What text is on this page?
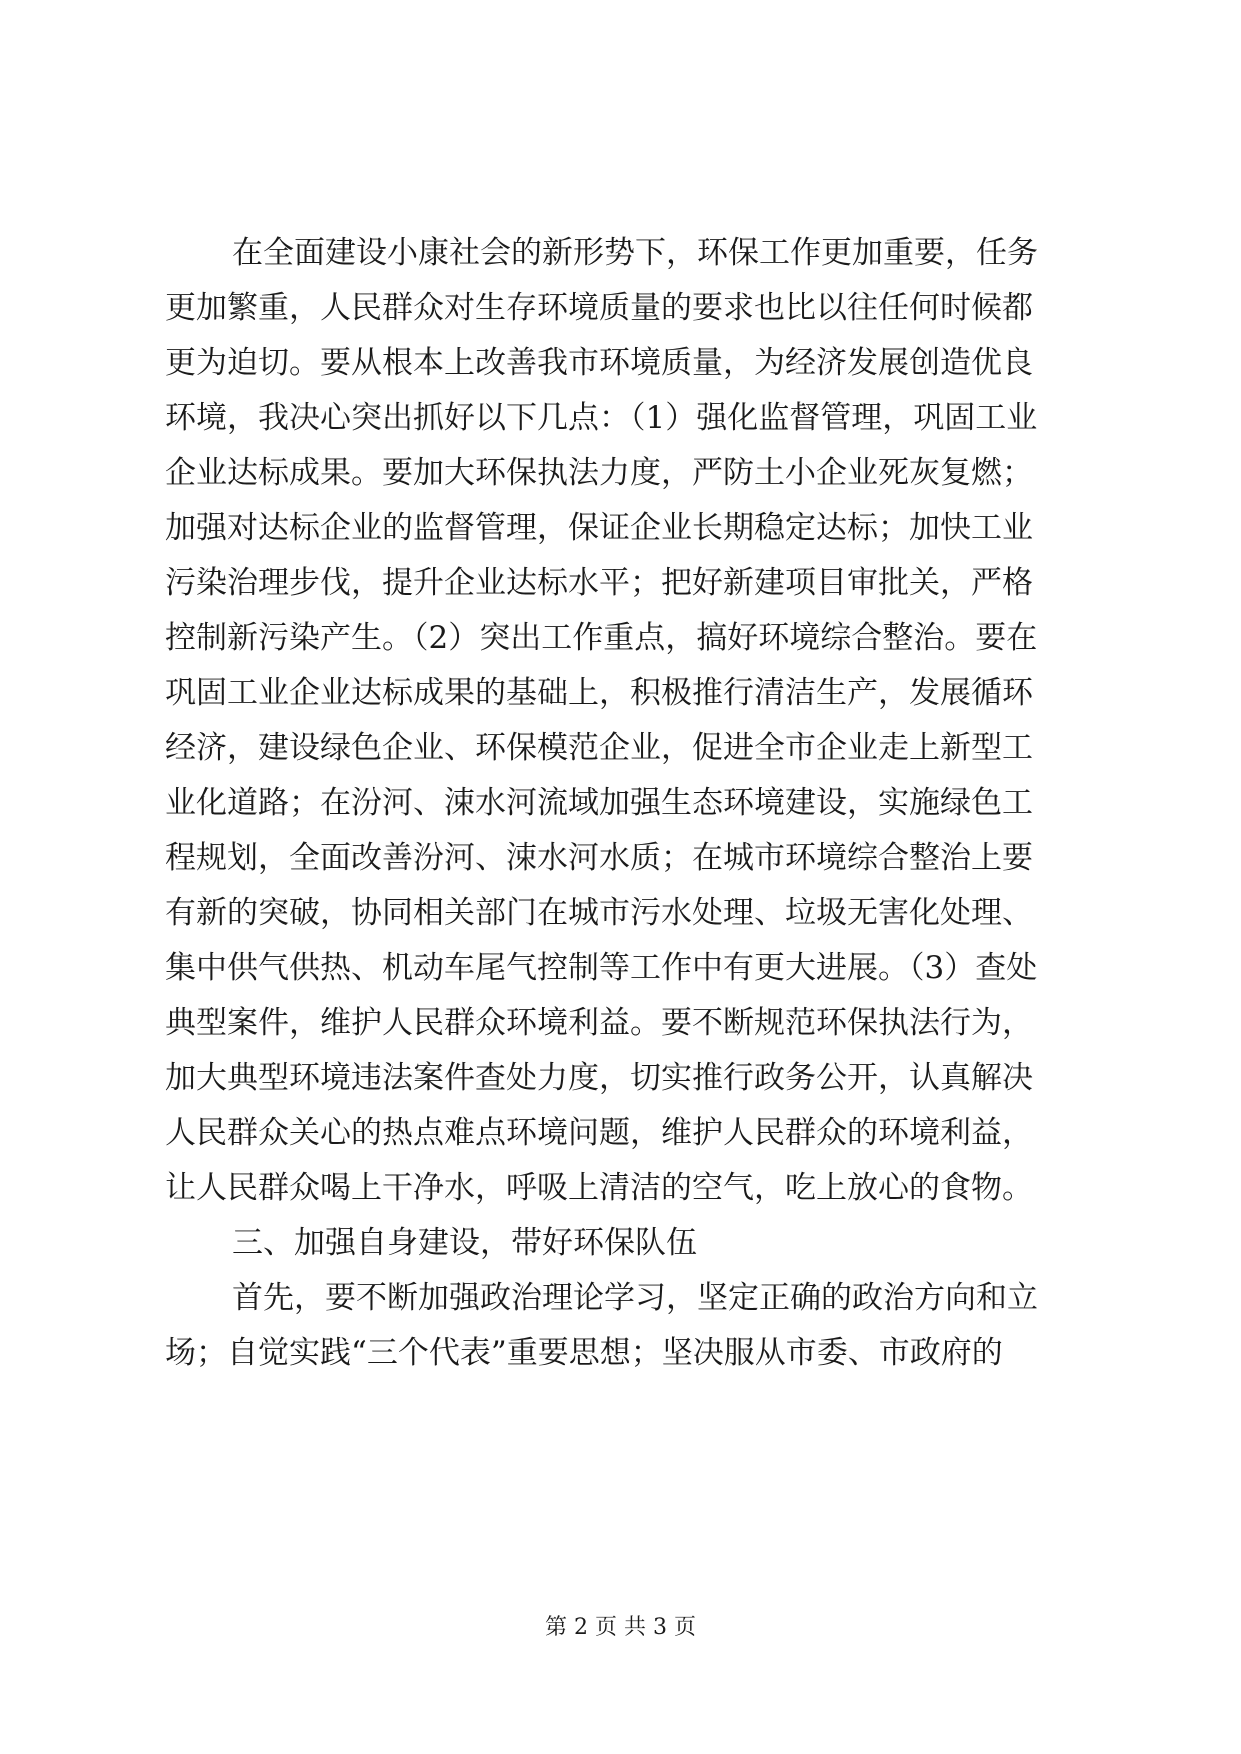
在全面建设小康社会的新形势下，环保工作更加重要，任务
更加繁重，人民群众对生存环境质量的要求也比以往任何时候都
更为迫切。要从根本上改善我市环境质量，为经济发展创造优良
环境，我决心突出抓好以下几点：（1）强化监督管理，巩固工业
企业达标成果。要加大环保执法力度，严防土小企业死灰复燃；
加强对达标企业的监督管理，保证企业长期稳定达标；加快工业
污染治理步伐，提升企业达标水平；把好新建项目审批关，严格
控制新污染产生。（2）突出工作重点，搞好环境综合整治。要在
巩固工业企业达标成果的基础上，积极推行清洁生产，发展循环
经济，建设绿色企业、环保模范企业，促进全市企业走上新型工
业化道路；在汾河、涑水河流域加强生态环境建设，实施绿色工
程规划，全面改善汾河、涑水河水质；在城市环境综合整治上要
有新的突破，协同相关部门在城市污水处理、垃圾无害化处理、
集中供气供热、机动车尾气控制等工作中有更大进展。（3）查处
典型案件，维护人民群众环境利益。要不断规范环保执法行为，
加大典型环境违法案件查处力度，切实推行政务公开，认真解决
人民群众关心的热点难点环境问题，维护人民群众的环境利益，
让人民群众喝上干净水，呼吸上清洁的空气，吃上放心的食物。
三、加强自身建设，带好环保队伍
首先，要不断加强政治理论学习，坚定正确的政治方向和立
场；自觉实践“三个代表”重要思想；坚决服从市委、市政府的
第 2 页 共 3 页
